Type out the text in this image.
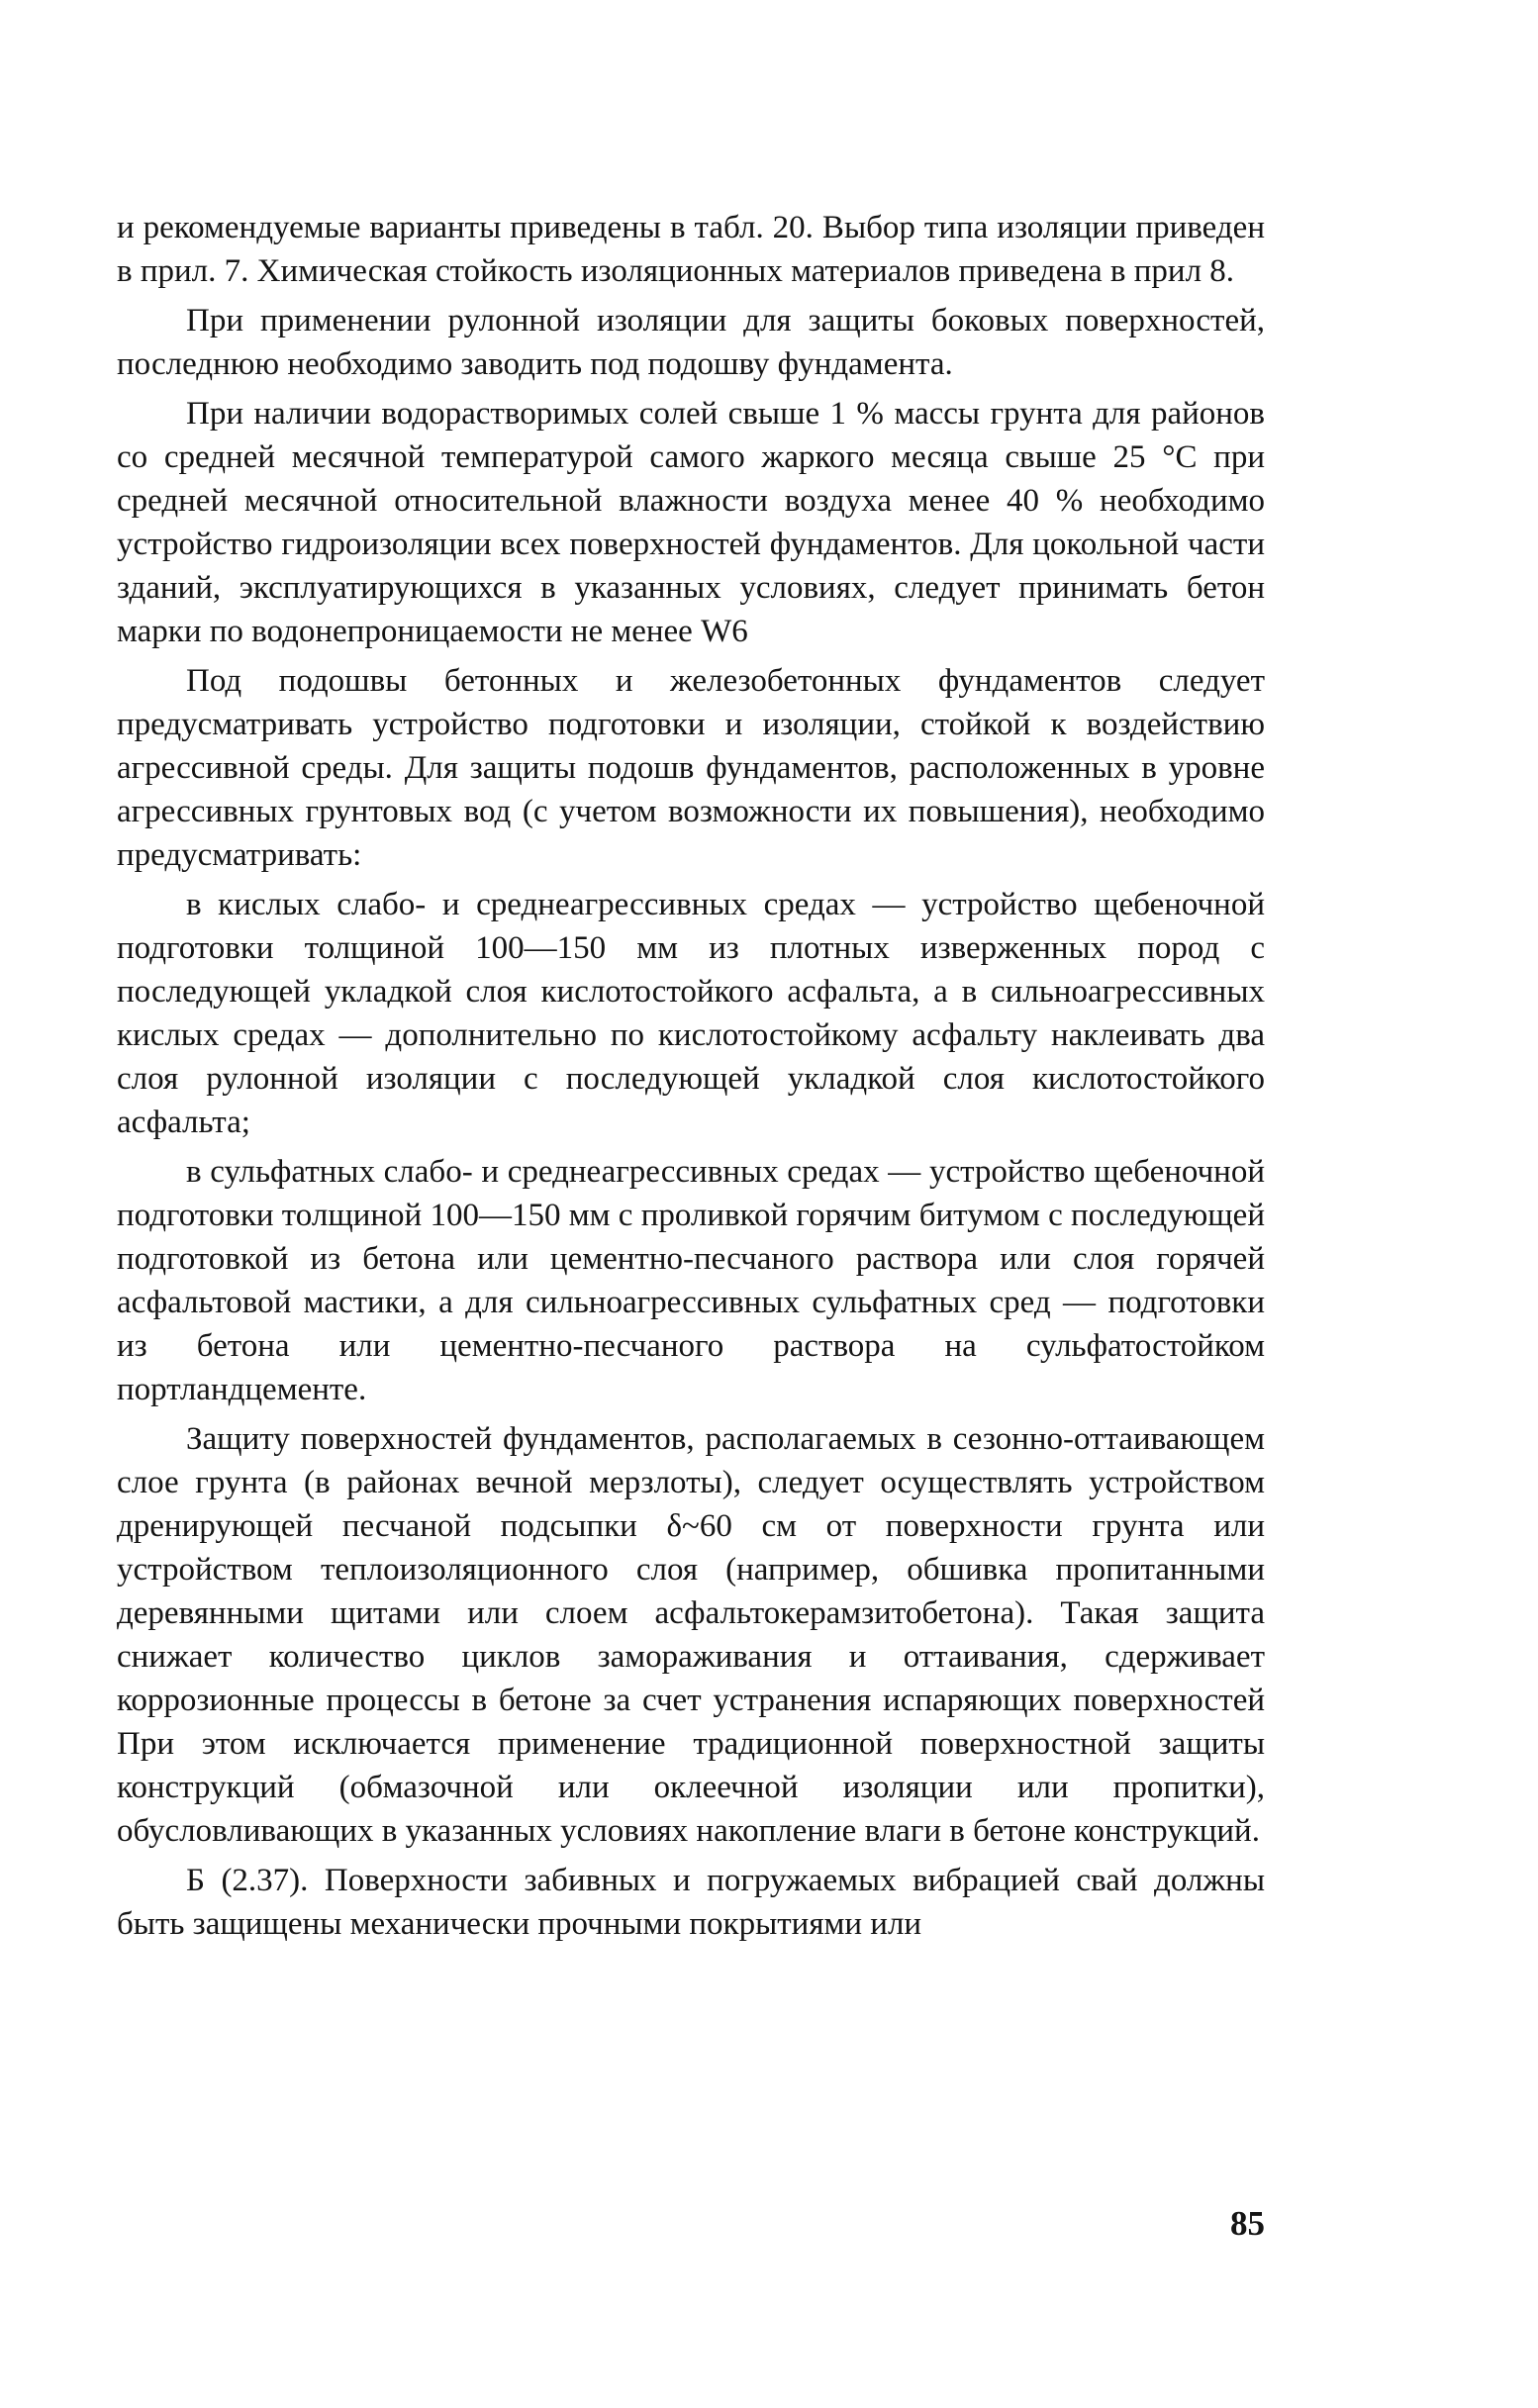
и рекомендуемые варианты приведены в табл. 20. Выбор типа изоляции приведен в прил. 7. Химическая стойкость изоляционных материалов приведена в прил 8.

При применении рулонной изоляции для защиты боковых поверхностей, последнюю необходимо заводить под подошву фундамента.

При наличии водорастворимых солей свыше 1 % массы грунта для районов со средней месячной температурой самого жаркого месяца свыше 25 °С при средней месячной относительной влажности воздуха менее 40 % необходимо устройство гидроизоляции всех поверхностей фундаментов. Для цокольной части зданий, эксплуатирующихся в указанных условиях, следует принимать бетон марки по водонепроницаемости не менее W6

Под подошвы бетонных и железобетонных фундаментов следует предусматривать устройство подготовки и изоляции, стойкой к воздействию агрессивной среды. Для защиты подошв фундаментов, расположенных в уровне агрессивных грунтовых вод (с учетом возможности их повышения), необходимо предусматривать:

в кислых слабо- и среднеагрессивных средах — устройство щебеночной подготовки толщиной 100—150 мм из плотных изверженных пород с последующей укладкой слоя кислотостойкого асфальта, а в сильноагрессивных кислых средах — дополнительно по кислотостойкому асфальту наклеивать два слоя рулонной изоляции с последующей укладкой слоя кислотостойкого асфальта;

в сульфатных слабо- и среднеагрессивных средах — устройство щебеночной подготовки толщиной 100—150 мм с проливкой горячим битумом с последующей подготовкой из бетона или цементно-песчаного раствора или слоя горячей асфальтовой мастики, а для сильноагрессивных сульфатных сред — подготовки из бетона или цементно-песчаного раствора на сульфатостойком портландцементе.

Защиту поверхностей фундаментов, располагаемых в сезонно-оттаивающем слое грунта (в районах вечной мерзлоты), следует осуществлять устройством дренирующей песчаной подсыпки δ~60 см от поверхности грунта или устройством теплоизоляционного слоя (например, обшивка пропитанными деревянными щитами или слоем асфальтокерамзитобетона). Такая защита снижает количество циклов замораживания и оттаивания, сдерживает коррозионные процессы в бетоне за счет устранения испаряющих поверхностей При этом исключается применение традиционной поверхностной защиты конструкций (обмазочной или оклеечной изоляции или пропитки), обусловливающих в указанных условиях накопление влаги в бетоне конструкций.

Б (2.37). Поверхности забивных и погружаемых вибрацией свай должны быть защищены механически прочными покрытиями или

85
